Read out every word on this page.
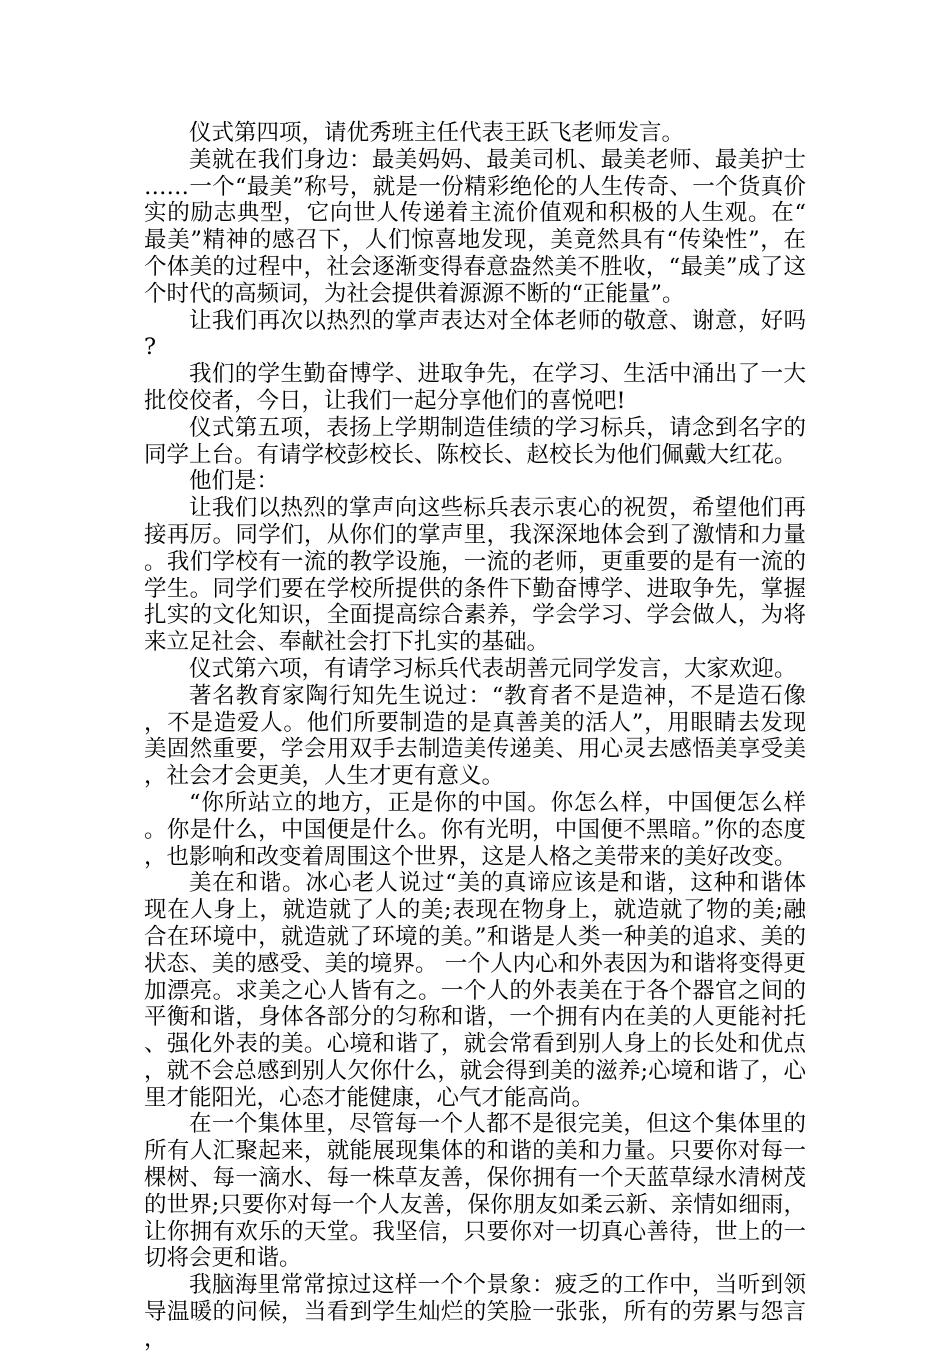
仪式第四项，请优秀班主任代表王跃飞老师发言。

美就在我们身边：最美妈妈、最美司机、最美老师、最美护士……一个“最美”称号，就是一份精彩绝伦的人生传奇、一个货真价实的励志典型，它向世人传递着主流价值观和积极的人生观。在“最美”精神的感召下，人们惊喜地发现，美竟然具有“传染性”，在个体美的过程中，社会逐渐变得春意盎然美不胜收，“最美”成了这个时代的高频词，为社会提供着源源不断的“正能量”。

让我们再次以热烈的掌声表达对全体老师的敬意、谢意，好吗?

我们的学生勤奋博学、进取争先，在学习、生活中涌出了一大批佼佼者，今日，让我们一起分享他们的喜悦吧!

仪式第五项，表扬上学期制造佳绩的学习标兵，请念到名字的同学上台。有请学校彭校长、陈校长、赵校长为他们佩戴大红花。

他们是：

让我们以热烈的掌声向这些标兵表示衷心的祝贺，希望他们再接再厉。同学们，从你们的掌声里，我深深地体会到了激情和力量。我们学校有一流的教学设施，一流的老师，更重要的是有一流的学生。同学们要在学校所提供的条件下勤奋博学、进取争先，掌握扎实的文化知识，全面提高综合素养，学会学习、学会做人，为将来立足社会、奉献社会打下扎实的基础。

仪式第六项，有请学习标兵代表胡善元同学发言，大家欢迎。

著名教育家陶行知先生说过：“教育者不是造神，不是造石像，不是造爱人。他们所要制造的是真善美的活人”，用眼睛去发现美固然重要，学会用双手去制造美传递美、用心灵去感悟美享受美，社会才会更美，人生才更有意义。

“你所站立的地方，正是你的中国。你怎么样，中国便怎么样。你是什么，中国便是什么。你有光明，中国便不黑暗。”你的态度，也影响和改变着周围这个世界，这是人格之美带来的美好改变。

美在和谐。冰心老人说过“美的真谛应该是和谐，这种和谐体现在人身上，就造就了人的美;表现在物身上，就造就了物的美;融合在环境中，就造就了环境的美。”和谐是人类一种美的追求、美的状态、美的感受、美的境界。 一个人内心和外表因为和谐将变得更加漂亮。求美之心人皆有之。一个人的外表美在于各个器官之间的平衡和谐，身体各部分的匀称和谐，一个拥有内在美的人更能衬托、强化外表的美。心境和谐了，就会常看到别人身上的长处和优点，就不会总感到别人欠你什么，就会得到美的滋养;心境和谐了，心里才能阳光，心态才能健康，心气才能高尚。

在一个集体里，尽管每一个人都不是很完美，但这个集体里的所有人汇聚起来，就能展现集体的和谐的美和力量。只要你对每一棵树、每一滴水、每一株草友善，保你拥有一个天蓝草绿水清树茂的世界;只要你对每一个人友善，保你朋友如柔云新、亲情如细雨，让你拥有欢乐的天堂。我坚信，只要你对一切真心善待，世上的一切将会更和谐。

我脑海里常常掠过这样一个个景象：疲乏的工作中，当听到领导温暖的问候，当看到学生灿烂的笑脸一张张，所有的劳累与怨言，
